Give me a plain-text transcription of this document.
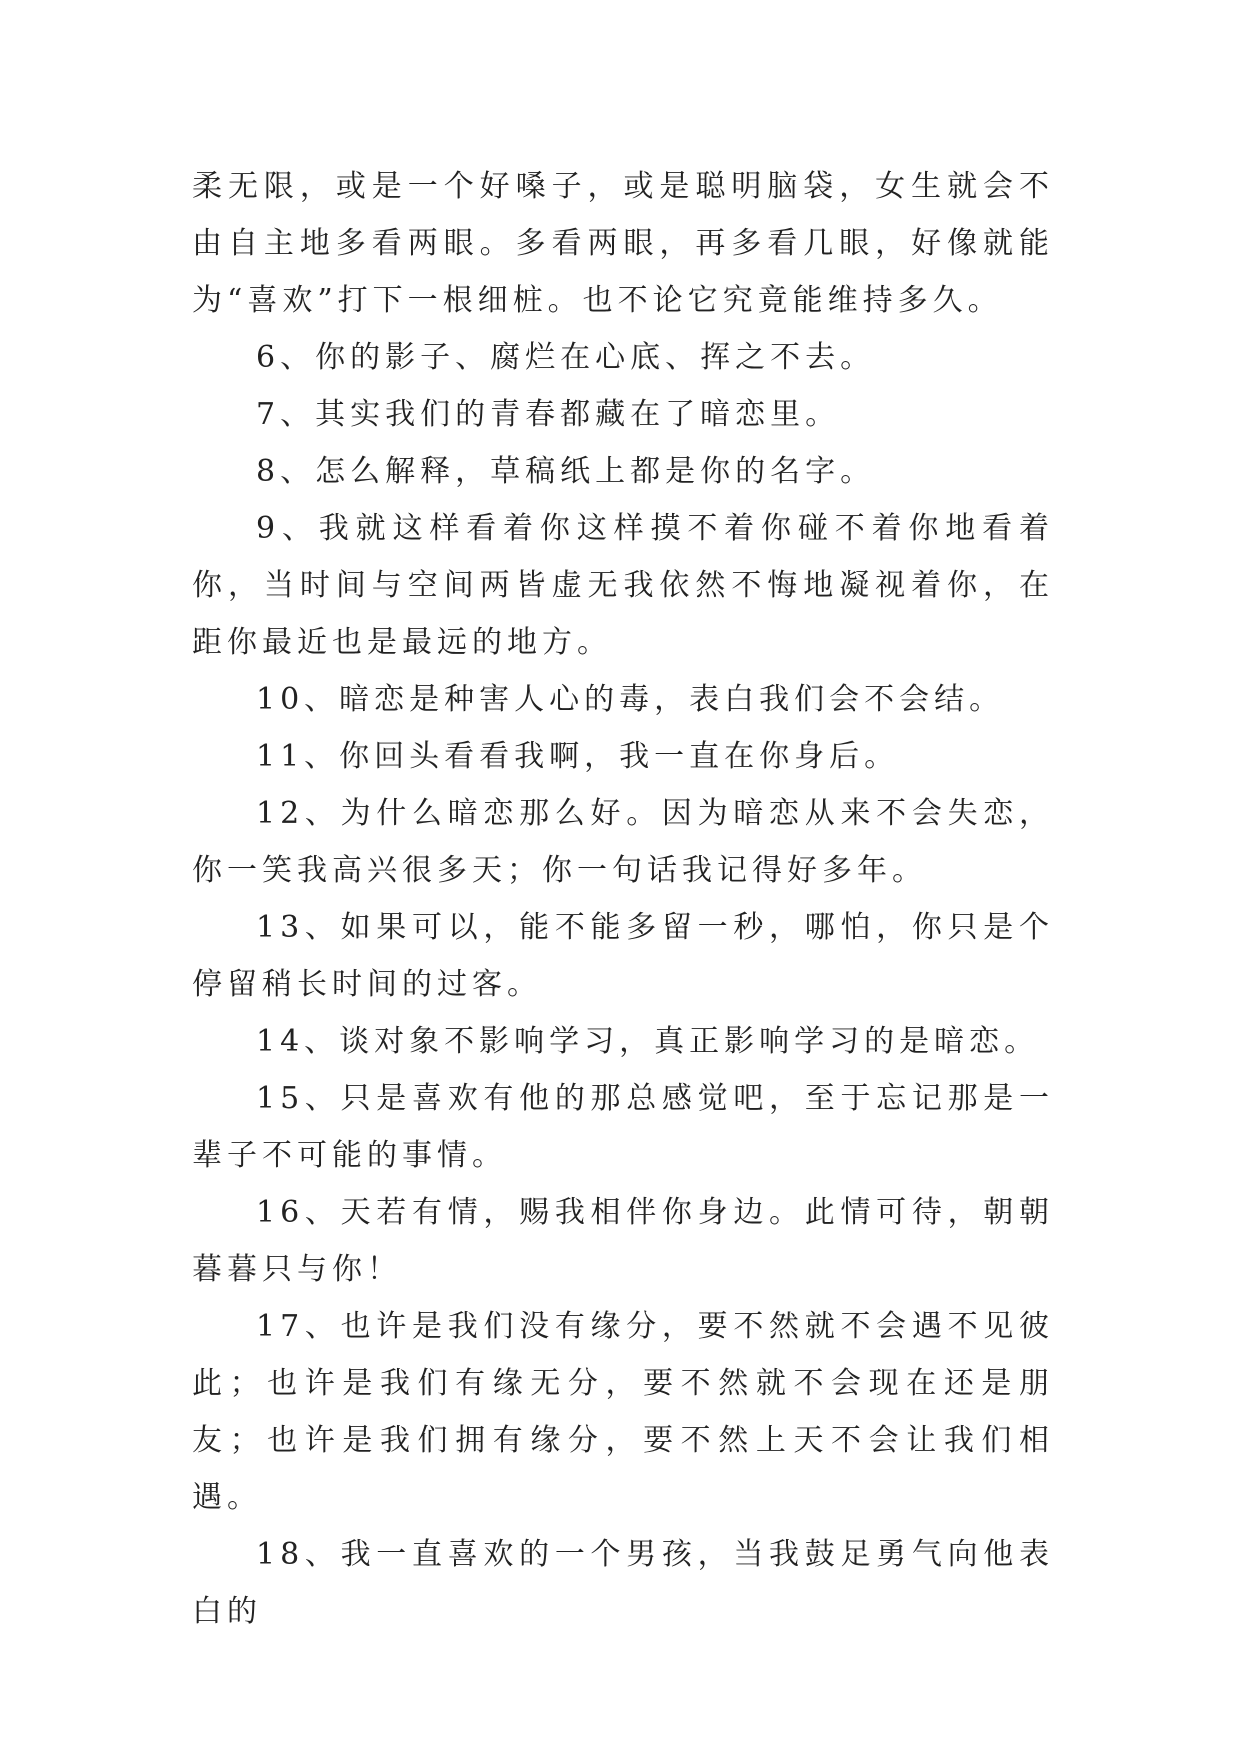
柔无限，或是一个好嗓子，或是聪明脑袋，女生就会不由自主地多看两眼。多看两眼，再多看几眼，好像就能为“喜欢”打下一根细桩。也不论它究竟能维持多久。

6、你的影子、腐烂在心底、挥之不去。

7、其实我们的青春都藏在了暗恋里。

8、怎么解释，草稿纸上都是你的名字。

9、我就这样看着你这样摸不着你碰不着你地看着你，当时间与空间两皆虚无我依然不悔地凝视着你，在距你最近也是最远的地方。

10、暗恋是种害人心的毒，表白我们会不会结。

11、你回头看看我啊，我一直在你身后。

12、为什么暗恋那么好。因为暗恋从来不会失恋，你一笑我高兴很多天；你一句话我记得好多年。

13、如果可以，能不能多留一秒，哪怕，你只是个停留稍长时间的过客。

14、谈对象不影响学习，真正影响学习的是暗恋。

15、只是喜欢有他的那总感觉吧，至于忘记那是一辈子不可能的事情。

16、天若有情，赐我相伴你身边。此情可待，朝朝暮暮只与你！

17、也许是我们没有缘分，要不然就不会遇不见彼此；也许是我们有缘无分，要不然就不会现在还是朋友；也许是我们拥有缘分，要不然上天不会让我们相遇。

18、我一直喜欢的一个男孩，当我鼓足勇气向他表白的
